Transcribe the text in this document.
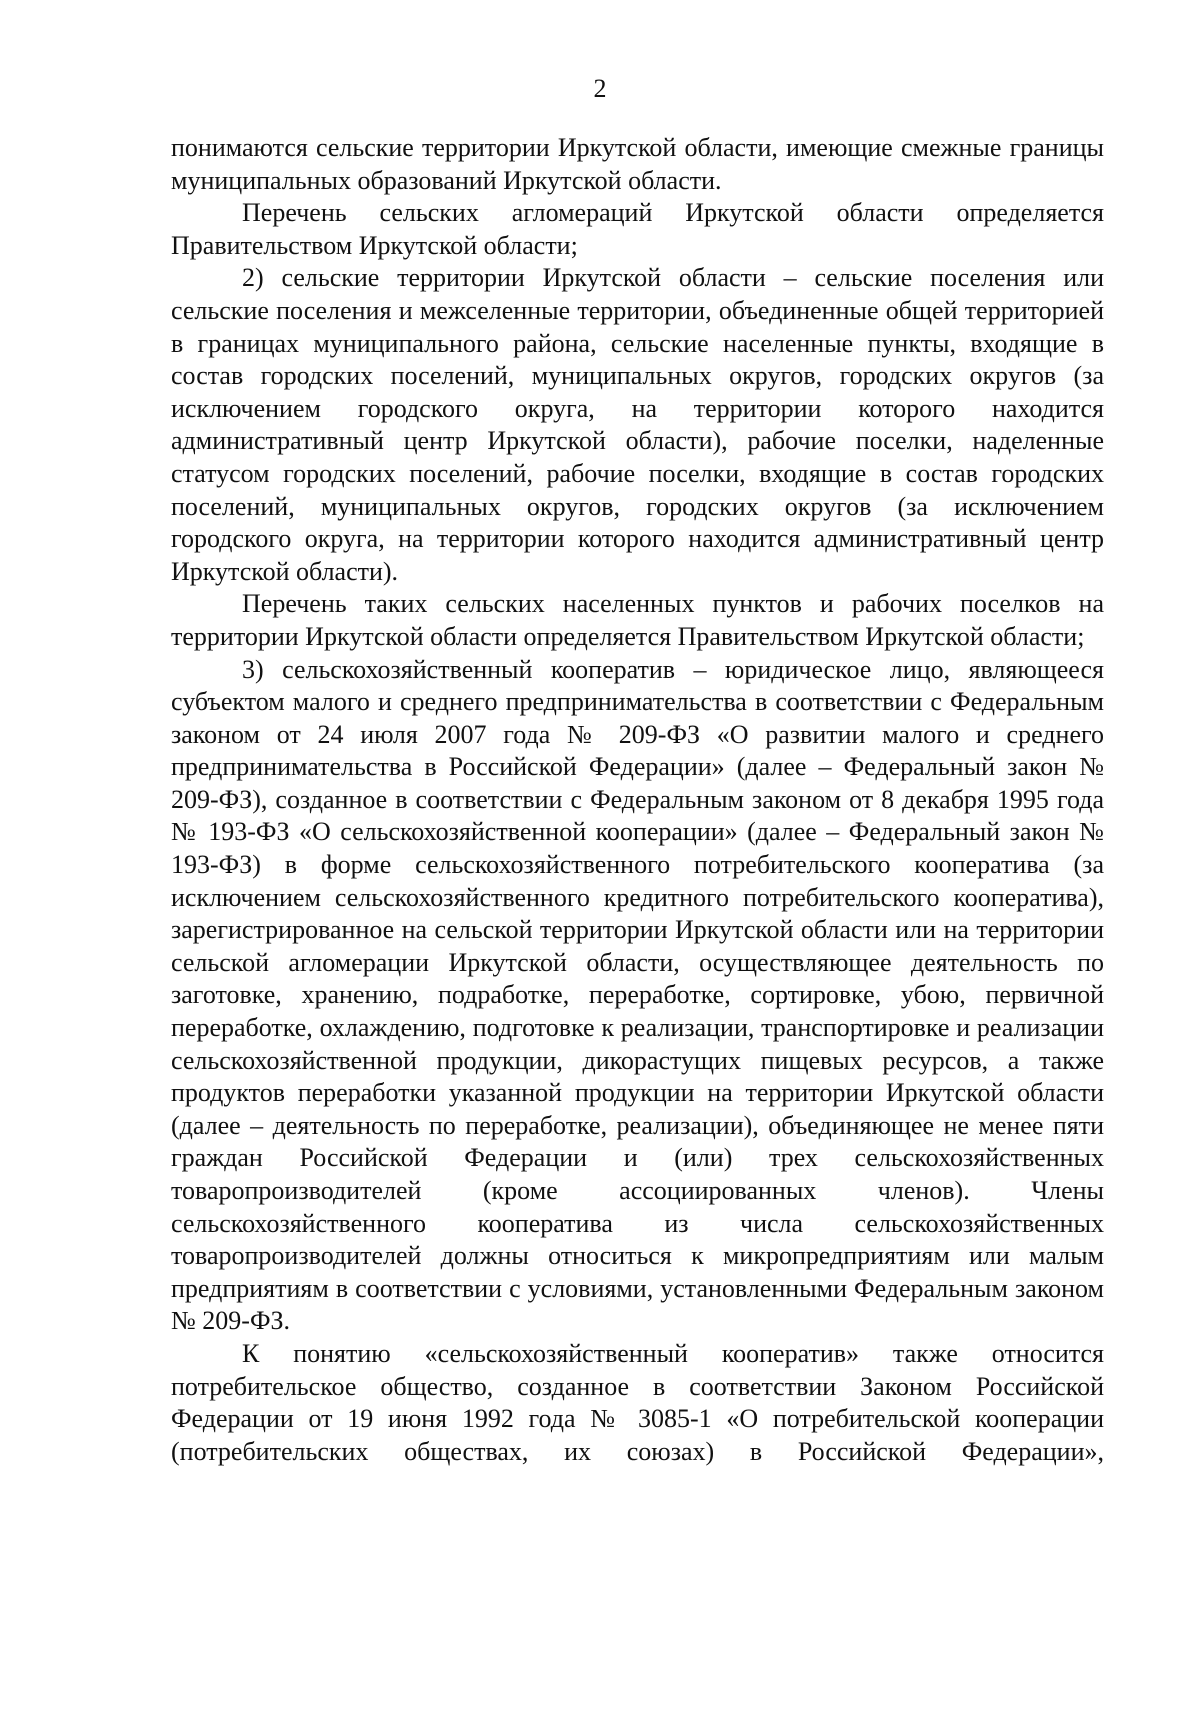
2

понимаются сельские территории Иркутской области, имеющие смежные границы муниципальных образований Иркутской области.

Перечень сельских агломераций Иркутской области определяется Правительством Иркутской области;

2) сельские территории Иркутской области – сельские поселения или сельские поселения и межселенные территории, объединенные общей территорией в границах муниципального района, сельские населенные пункты, входящие в состав городских поселений, муниципальных округов, городских округов (за исключением городского округа, на территории которого находится административный центр Иркутской области), рабочие поселки, наделенные статусом городских поселений, рабочие поселки, входящие в состав городских поселений, муниципальных округов, городских округов (за исключением городского округа, на территории которого находится административный центр Иркутской области).

Перечень таких сельских населенных пунктов и рабочих поселков на территории Иркутской области определяется Правительством Иркутской области;

3) сельскохозяйственный кооператив – юридическое лицо, являющееся субъектом малого и среднего предпринимательства в соответствии с Федеральным законом от 24 июля 2007 года № 209-ФЗ «О развитии малого и среднего предпринимательства в Российской Федерации» (далее – Федеральный закон № 209-ФЗ), созданное в соответствии с Федеральным законом от 8 декабря 1995 года № 193-ФЗ «О сельскохозяйственной кооперации» (далее – Федеральный закон № 193-ФЗ) в форме сельскохозяйственного потребительского кооператива (за исключением сельскохозяйственного кредитного потребительского кооператива), зарегистрированное на сельской территории Иркутской области или на территории сельской агломерации Иркутской области, осуществляющее деятельность по заготовке, хранению, подработке, переработке, сортировке, убою, первичной переработке, охлаждению, подготовке к реализации, транспортировке и реализации сельскохозяйственной продукции, дикорастущих пищевых ресурсов, а также продуктов переработки указанной продукции на территории Иркутской области (далее – деятельность по переработке, реализации), объединяющее не менее пяти граждан Российской Федерации и (или) трех сельскохозяйственных товаропроизводителей (кроме ассоциированных членов). Члены сельскохозяйственного кооператива из числа сельскохозяйственных товаропроизводителей должны относиться к микропредприятиям или малым предприятиям в соответствии с условиями, установленными Федеральным законом № 209-ФЗ.

К понятию «сельскохозяйственный кооператив» также относится потребительское общество, созданное в соответствии Законом Российской Федерации от 19 июня 1992 года № 3085-1 «О потребительской кооперации (потребительских обществах, их союзах) в Российской Федерации»,
